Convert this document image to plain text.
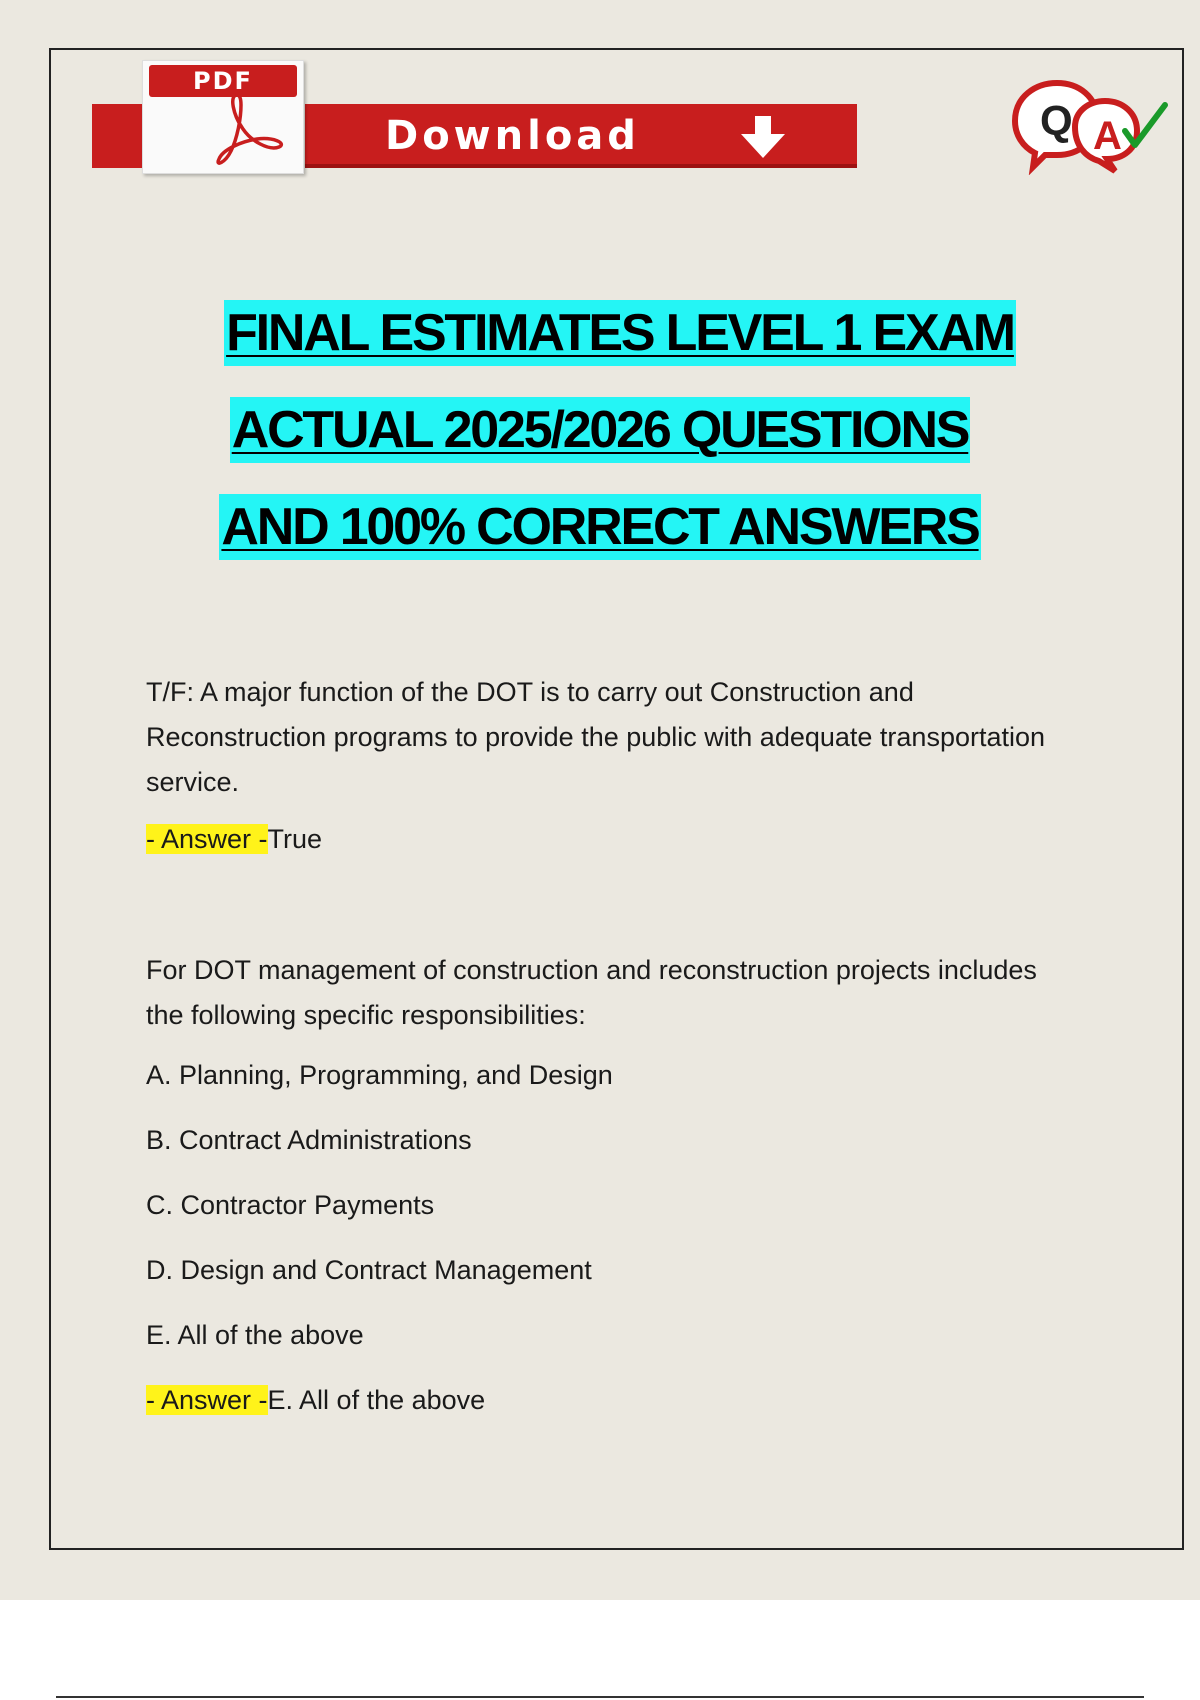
Download
PDF
Q A
FINAL ESTIMATES LEVEL 1 EXAM
ACTUAL 2025/2026 QUESTIONS
AND 100% CORRECT ANSWERS

T/F: A major function of the DOT is to carry out Construction and Reconstruction programs to provide the public with adequate transportation service.

- Answer -True

For DOT management of construction and reconstruction projects includes the following specific responsibilities:

A. Planning, Programming, and Design

B. Contract Administrations

C. Contractor Payments

D. Design and Contract Management

E. All of the above

- Answer -E. All of the above
